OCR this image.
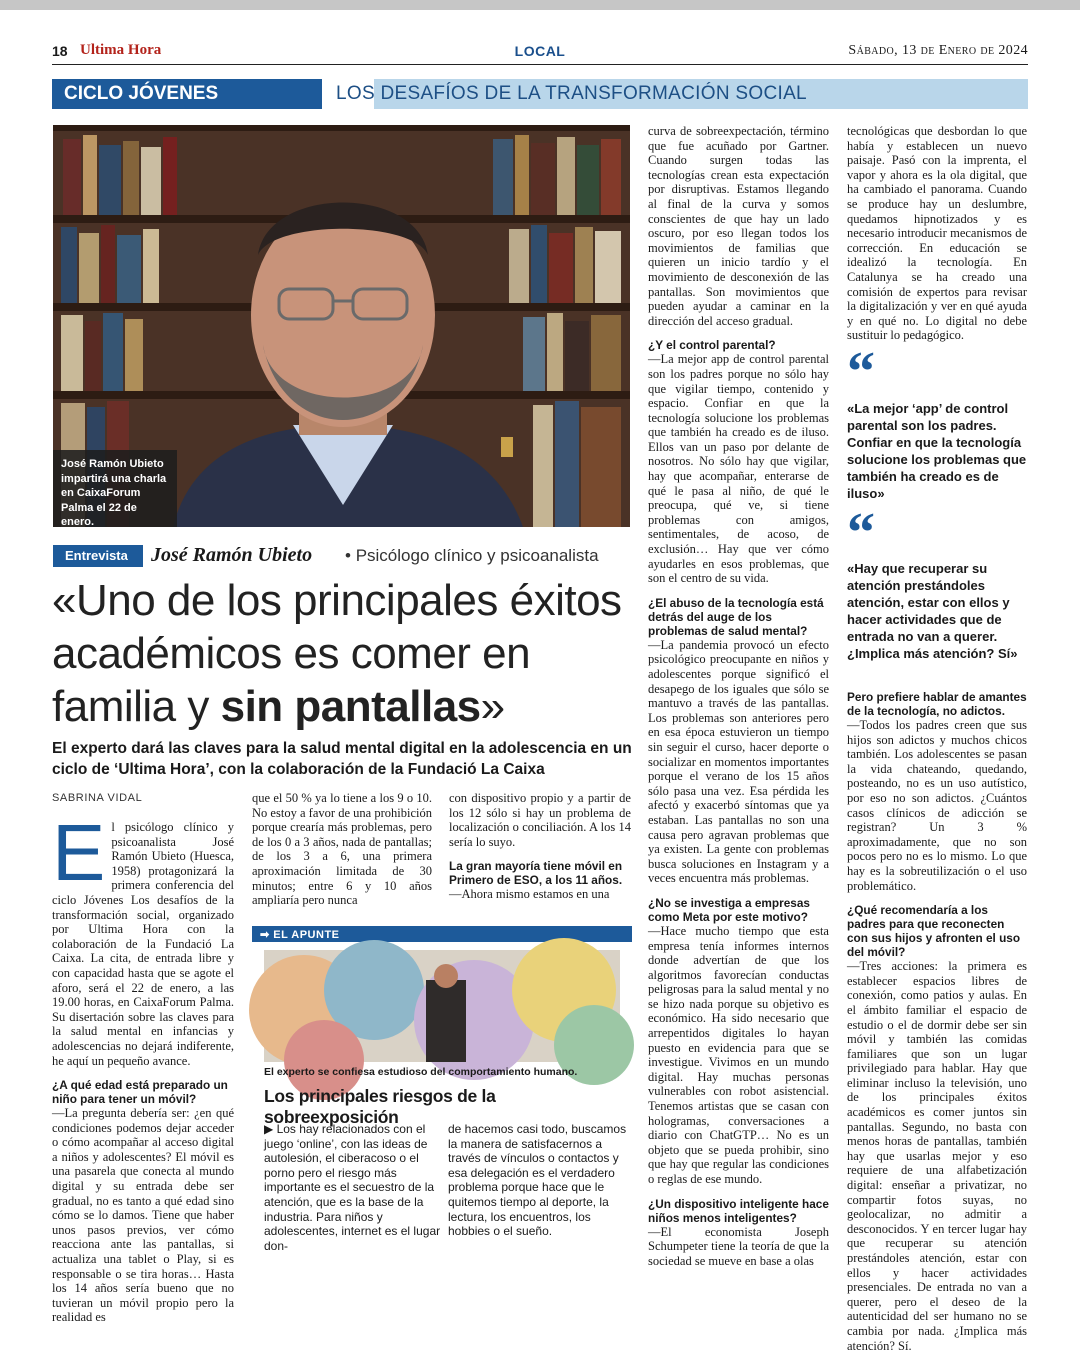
18 Ultima Hora	LOCAL	Sábado, 13 de Enero de 2024
CICLO JÓVENES	LOS DESAFÍOS DE LA TRANSFORMACIÓN SOCIAL
José Ramón Ubieto impartirá una charla en CaixaForum Palma el 22 de enero.
Entrevista	José Ramón Ubieto • Psicólogo clínico y psicoanalista
«Uno de los principales éxitos
académicos es comer en
familia y sin pantallas»
El experto dará las claves para la salud mental digital en la adolescencia en un ciclo de ‘Ultima Hora’, con la colaboración de la Fundació La Caixa
SABRINA VIDAL

El psicólogo clínico y psicoanalista José Ramón Ubieto (Huesca, 1958) protagonizará la primera conferencia del ciclo Jóvenes Los desafíos de la transformación social, organizado por Ultima Hora con la colaboración de la Fundació La Caixa. La cita, de entrada libre y con capacidad hasta que se agote el aforo, será el 22 de enero, a las 19.00 horas, en CaixaForum Palma. Su disertación sobre las claves para la salud mental en infancias y adolescencias no dejará indiferente, he aquí un pequeño avance.

¿A qué edad está preparado un niño para tener un móvil?

—La pregunta debería ser: ¿en qué condiciones podemos dejar acceder o cómo acompañar al acceso digital a niños y adolescentes? El móvil es una pasarela que conecta al mundo digital y su entrada debe ser gradual, no es tanto a qué edad sino cómo se lo damos. Tiene que haber unos pasos previos, ver cómo reacciona ante las pantallas, si actualiza una tablet o Play, si es responsable o se tira horas… Hasta los 14 años sería bueno que no tuvieran un móvil propio pero la realidad es

que el 50 % ya lo tiene a los 9 o 10. No estoy a favor de una prohibición porque crearía más problemas, pero de los 0 a 3 años, nada de pantallas; de los 3 a 6, una primera aproximación limitada de 30 minutos; entre 6 y 10 años ampliaría pero nunca

con dispositivo propio y a partir de los 12 sólo si hay un problema de localización o conciliación. A los 14 sería lo suyo.

La gran mayoría tiene móvil en Primero de ESO, a los 11 años.

—Ahora mismo estamos en una

➡ EL APUNTE
El experto se confiesa estudioso del comportamiento humano.
Los principales riesgos de la sobreexposición
▶ Los hay relacionados con el juego ‘online’, con las ideas de autolesión, el ciberacoso o el porno pero el riesgo más importante es el secuestro de la atención, que es la base de la industria. Para niños y adolescentes, internet es el lugar don-
de hacemos casi todo, buscamos la manera de satisfacernos a través de vínculos o contactos y esa delegación es el verdadero problema porque hace que le quitemos tiempo al deporte, la lectura, los encuentros, los hobbies o el sueño.

curva de sobreexpectación, término que fue acuñado por Gartner. Cuando surgen todas las tecnologías crean esta expectación por disruptivas. Estamos llegando al final de la curva y somos conscientes de que hay un lado oscuro, por eso llegan todos los movimientos de familias que quieren un inicio tardío y el movimiento de desconexión de las pantallas. Son movimientos que pueden ayudar a caminar en la dirección del acceso gradual.

¿Y el control parental?

—La mejor app de control parental son los padres porque no sólo hay que vigilar tiempo, contenido y espacio. Confiar en que la tecnología solucione los problemas que también ha creado es de iluso. Ellos van un paso por delante de nosotros. No sólo hay que vigilar, hay que acompañar, enterarse de qué le pasa al niño, de qué le preocupa, qué ve, si tiene problemas con amigos, sentimentales, de acoso, de exclusión… Hay que ver cómo ayudarles en esos problemas, que son el centro de su vida.

¿El abuso de la tecnología está detrás del auge de los problemas de salud mental?

—La pandemia provocó un efecto psicológico preocupante en niños y adolescentes porque significó el desapego de los iguales que sólo se mantuvo a través de las pantallas. Los problemas son anteriores pero en esa época estuvieron un tiempo sin seguir el curso, hacer deporte o socializar en momentos importantes porque el verano de los 15 años sólo pasa una vez. Esa pérdida les afectó y exacerbó síntomas que ya estaban. Las pantallas no son una causa pero agravan problemas que ya existen. La gente con problemas busca soluciones en Instagram y a veces encuentra más problemas.

¿No se investiga a empresas como Meta por este motivo?

—Hace mucho tiempo que esta empresa tenía informes internos donde advertían de que los algoritmos favorecían conductas peligrosas para la salud mental y no se hizo nada porque su objetivo es económico. Ha sido necesario que arrepentidos digitales lo hayan puesto en evidencia para que se investigue. Vivimos en un mundo digital. Hay muchas personas vulnerables con robot asistencial. Tenemos artistas que se casan con hologramas, conversaciones a diario con ChatGTP… No es un objeto que se pueda prohibir, sino que hay que regular las condiciones o reglas de ese mundo.

¿Un dispositivo inteligente hace niños menos inteligentes?

—El economista Joseph Schumpeter tiene la teoría de que la sociedad se mueve en base a olas

tecnológicas que desbordan lo que había y establecen un nuevo paisaje. Pasó con la imprenta, el vapor y ahora es la ola digital, que ha cambiado el panorama. Cuando se produce hay un deslumbre, quedamos hipnotizados y es necesario introducir mecanismos de corrección. En educación se idealizó la tecnología. En Catalunya se ha creado una comisión de expertos para revisar la digitalización y ver en qué ayuda y en qué no. Lo digital no debe sustituir lo pedagógico.

“
«La mejor ‘app’ de control parental son los padres. Confiar en que la tecnología solucione los problemas que también ha creado es de iluso»
“
«Hay que recuperar su atención prestándoles atención, estar con ellos y hacer actividades que de entrada no van a querer. ¿Implica más atención? Sí»

Pero prefiere hablar de amantes de la tecnología, no adictos.

—Todos los padres creen que sus hijos son adictos y muchos chicos también. Los adolescentes se pasan la vida chateando, quedando, posteando, no es un uso autístico, por eso no son adictos. ¿Cuántos casos clínicos de adicción se registran? Un 3 % aproximadamente, que no son pocos pero no es lo mismo. Lo que hay es la sobreutilización o el uso problemático.

¿Qué recomendaría a los padres para que reconecten con sus hijos y afronten el uso del móvil?

—Tres acciones: la primera es establecer espacios libres de conexión, como patios y aulas. En el ámbito familiar el espacio de estudio o el de dormir debe ser sin móvil y también las comidas familiares que son un lugar privilegiado para hablar. Hay que eliminar incluso la televisión, uno de los principales éxitos académicos es comer juntos sin pantallas. Segundo, no basta con menos horas de pantallas, también hay que usarlas mejor y eso requiere de una alfabetización digital: enseñar a privatizar, no compartir fotos suyas, no geolocalizar, no admitir a desconocidos. Y en tercer lugar hay que recuperar su atención prestándoles atención, estar con ellos y hacer actividades presenciales. De entrada no van a querer, pero el deseo de la autenticidad del ser humano no se cambia por nada. ¿Implica más atención? Sí.
